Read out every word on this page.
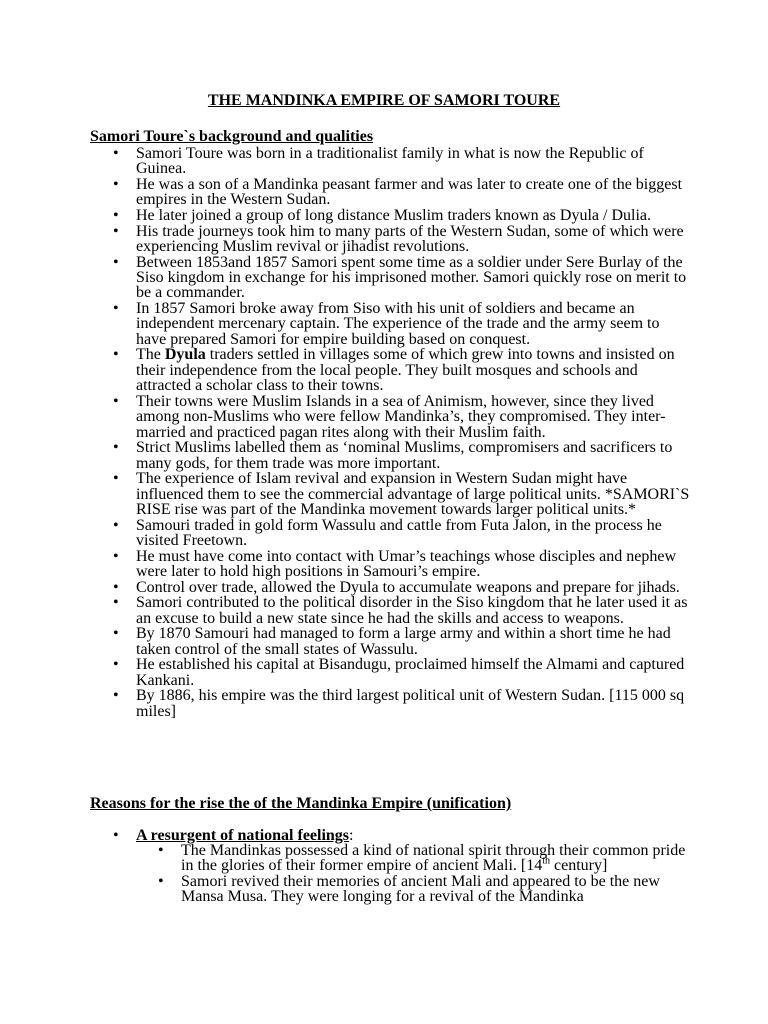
THE MANDINKA EMPIRE OF SAMORI TOURE
Samori Toure`s background and qualities
• Samori Toure was born in a traditionalist family in what is now the Republic of Guinea.
• He was a son of a Mandinka peasant farmer and was later to create one of the biggest empires in the Western Sudan.
• He later joined a group of long distance Muslim traders known as Dyula / Dulia.
• His trade journeys took him to many parts of the Western Sudan, some of which were experiencing Muslim revival or jihadist revolutions.
• Between 1853and 1857 Samori spent some time as a soldier under Sere Burlay of the Siso kingdom in exchange for his imprisoned mother. Samori quickly rose on merit to be a commander.
• In 1857 Samori broke away from Siso with his unit of soldiers and became an independent mercenary captain. The experience of the trade and the army seem to have prepared Samori for empire building based on conquest.
• The Dyula traders settled in villages some of which grew into towns and insisted on their independence from the local people. They built mosques and schools and attracted a scholar class to their towns.
• Their towns were Muslim Islands in a sea of Animism, however, since they lived among non-Muslims who were fellow Mandinka’s, they compromised. They inter-married and practiced pagan rites along with their Muslim faith.
• Strict Muslims labelled them as ‘nominal Muslims, compromisers and sacrificers to many gods, for them trade was more important.
• The experience of Islam revival and expansion in Western Sudan might have influenced them to see the commercial advantage of large political units. *SAMORI`S RISE rise was part of the Mandinka movement towards larger political units.*
• Samouri traded in gold form Wassulu and cattle from Futa Jalon, in the process he visited Freetown.
• He must have come into contact with Umar’s teachings whose disciples and nephew were later to hold high positions in Samouri’s empire.
• Control over trade, allowed the Dyula to accumulate weapons and prepare for jihads.
• Samori contributed to the political disorder in the Siso kingdom that he later used it as an excuse to build a new state since he had the skills and access to weapons.
• By 1870 Samouri had managed to form a large army and within a short time he had taken control of the small states of Wassulu.
• He established his capital at Bisandugu, proclaimed himself the Almami and captured Kankani.
• By 1886, his empire was the third largest political unit of Western Sudan. [115 000 sq miles]
Reasons for the rise the of the Mandinka Empire (unification)
• A resurgent of national feelings:
• The Mandinkas possessed a kind of national spirit through their common pride in the glories of their former empire of ancient Mali. [14th century]
• Samori revived their memories of ancient Mali and appeared to be the new Mansa Musa. They were longing for a revival of the Mandinka
